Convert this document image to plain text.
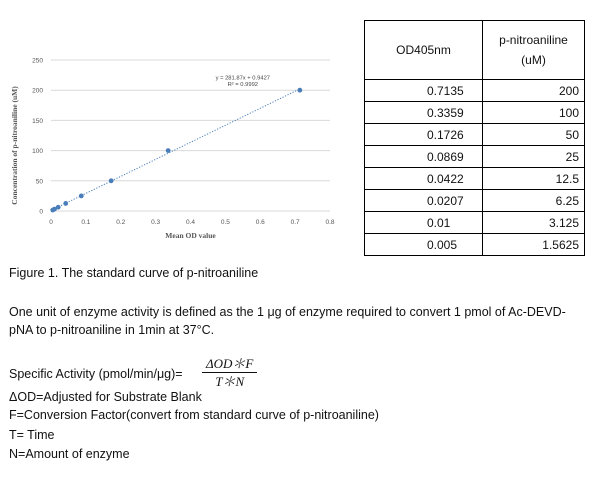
0
50
100
150
200
250
0	0.1	0.2	0.3	0.4	0.5	0.6	0.7	0.8
y = 281.87x + 0.9427
R² = 0.9992
Mean OD value
Concentration of p-nitroaniline (uM)
OD405nm	p-nitroaniline
(uM)
0.7135	200
0.3359	100
0.1726	50
0.0869	25
0.0422	12.5
0.0207	6.25
0.01	3.125
0.005	1.5625
Figure 1. The standard curve of p-nitroaniline
One unit of enzyme activity is defined as the 1 μg of enzyme required to convert 1 pmol of Ac-DEVD-pNA to p-nitroaniline in 1min at 37°C.
Specific Activity (pmol/min/μg)=
ΔOD＊F
T＊N
ΔOD=Adjusted for Substrate Blank
F=Conversion Factor(convert from standard curve of p-nitroaniline)
T= Time
N=Amount of enzyme
